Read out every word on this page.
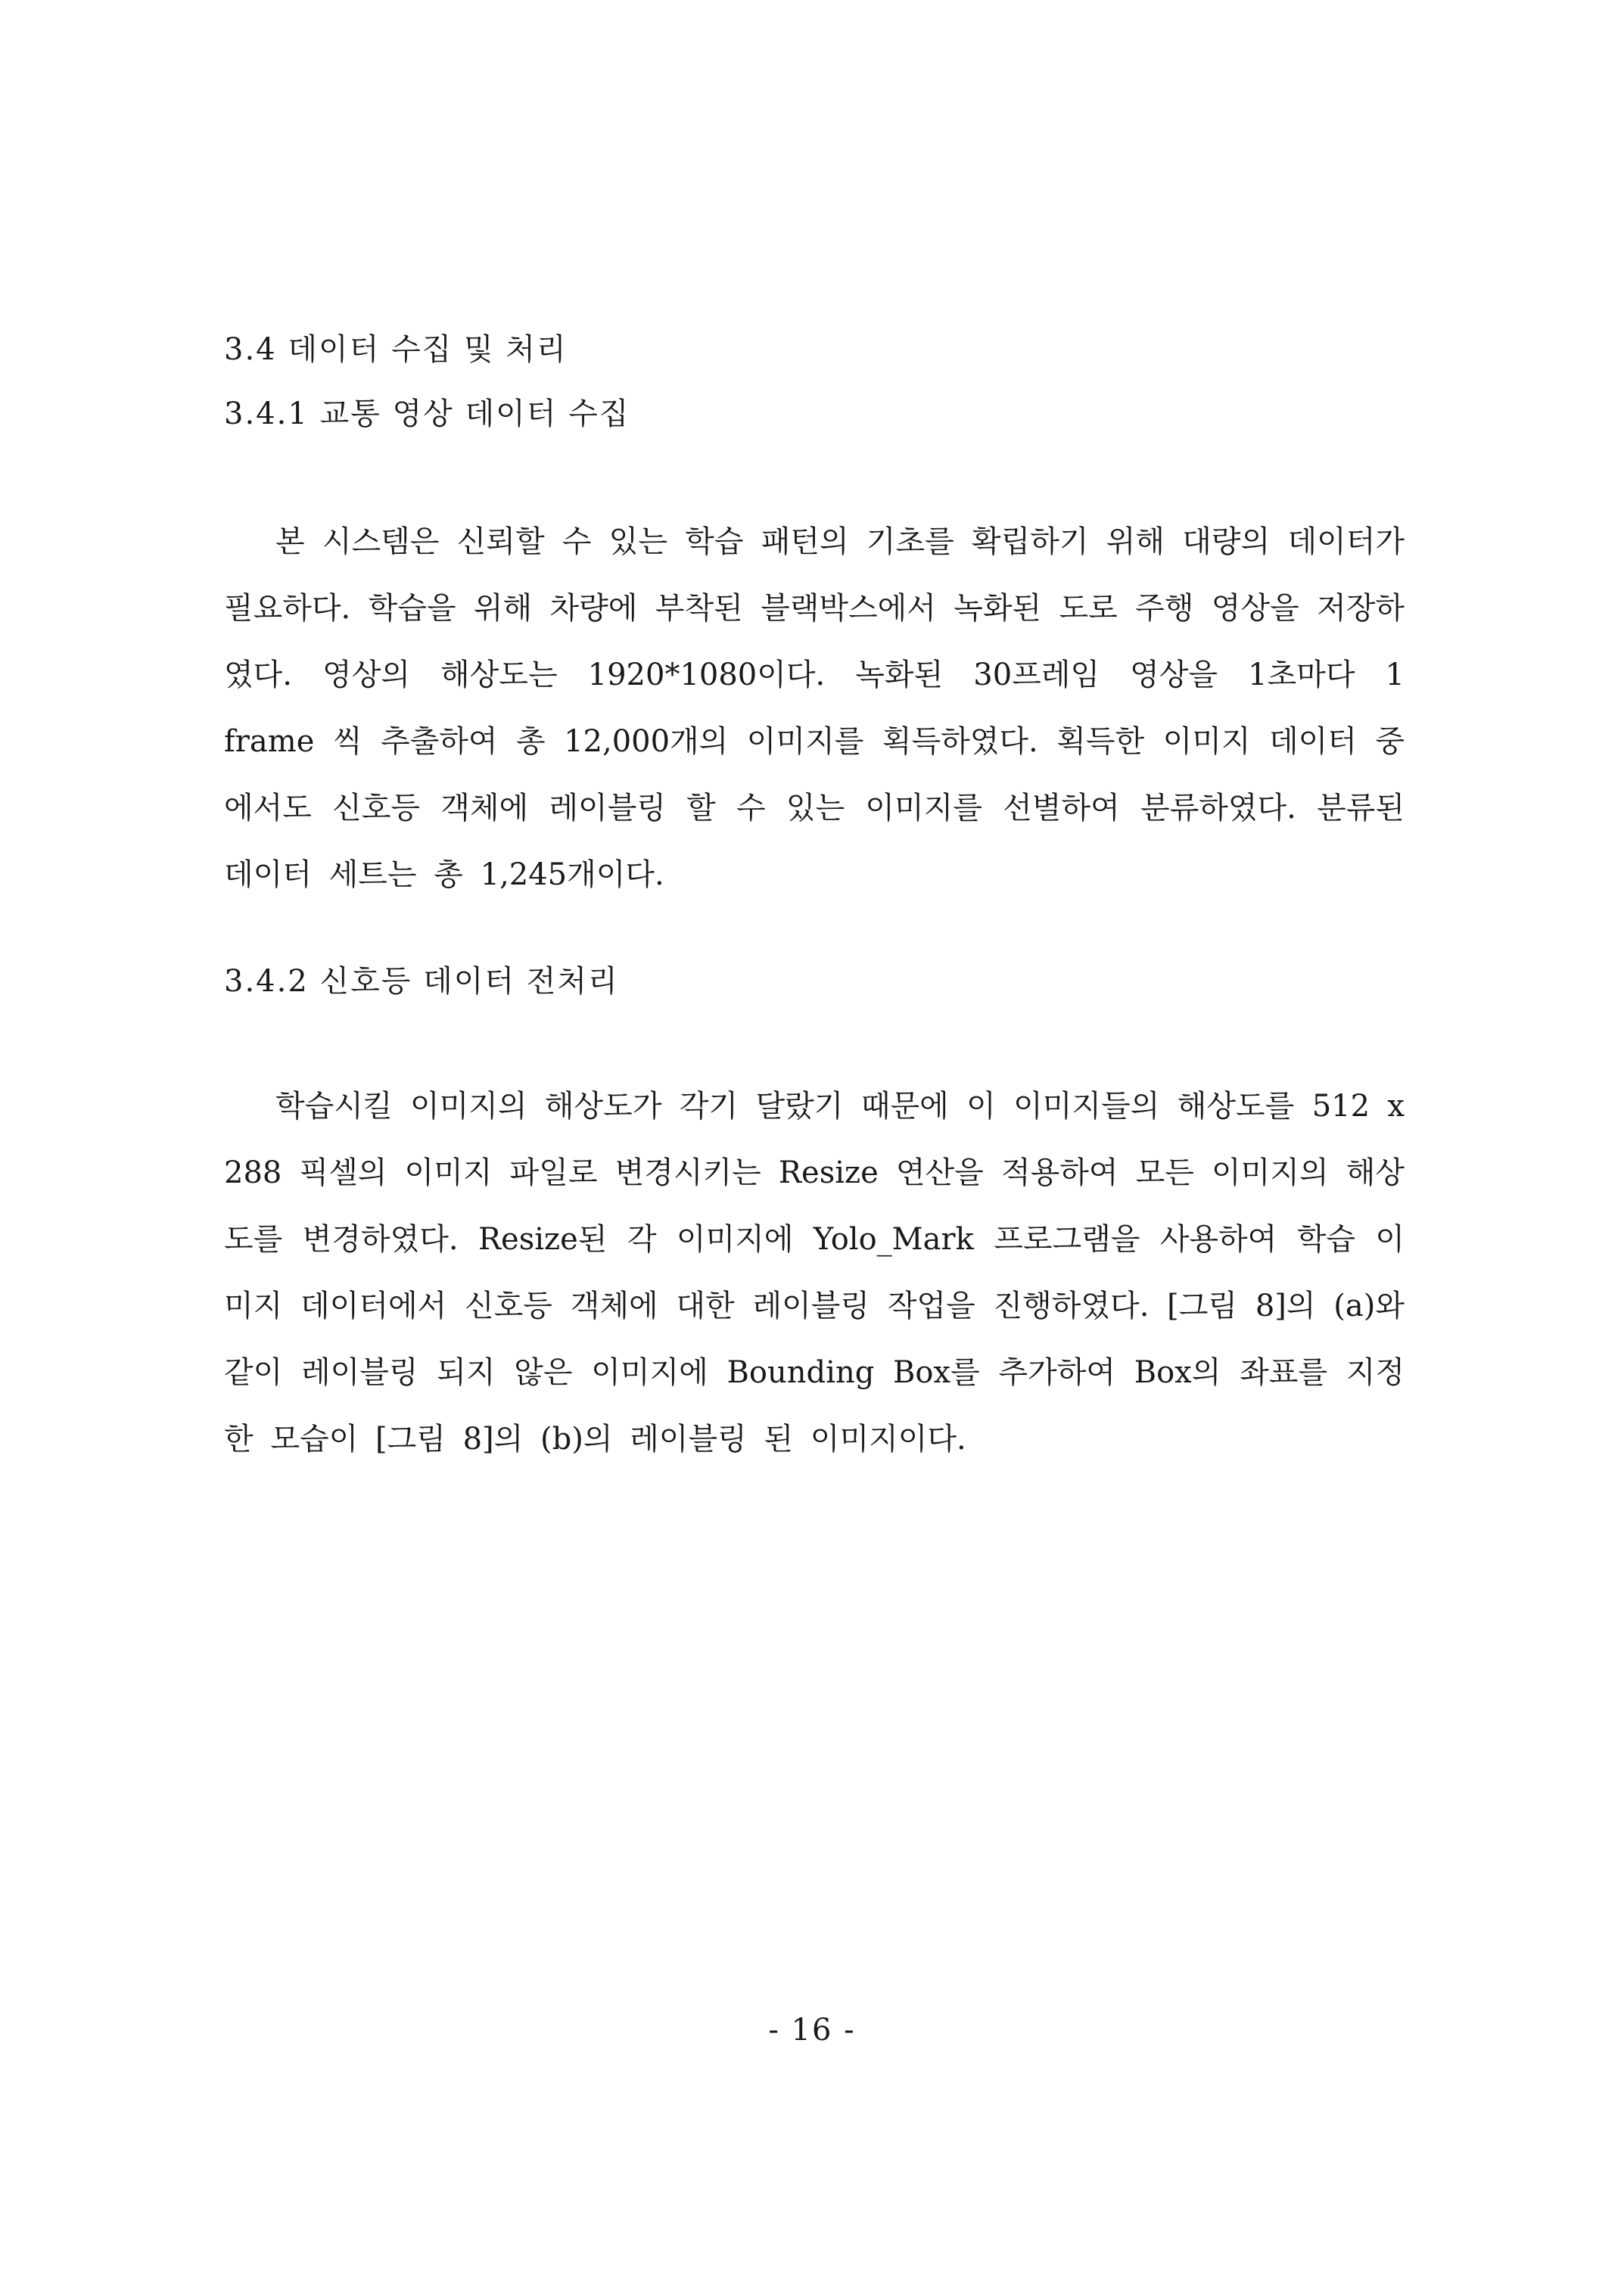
3.4 데이터 수집 및 처리
3.4.1 교통 영상 데이터 수집
본 시스템은 신뢰할 수 있는 학습 패턴의 기초를 확립하기 위해 대량의 데이터가 필요하다. 학습을 위해 차량에 부착된 블랙박스에서 녹화된 도로 주행 영상을 저장하였다. 영상의 해상도는 1920*1080이다. 녹화된 30프레임 영상을 1초마다 1 frame 씩 추출하여 총 12,000개의 이미지를 획득하였다. 획득한 이미지 데이터 중에서도 신호등 객체에 레이블링 할 수 있는 이미지를 선별하여 분류하였다. 분류된 데이터 세트는 총 1,245개이다.
3.4.2 신호등 데이터 전처리
학습시킬 이미지의 해상도가 각기 달랐기 때문에 이 이미지들의 해상도를 512 x 288 픽셀의 이미지 파일로 변경시키는 Resize 연산을 적용하여 모든 이미지의 해상도를 변경하였다. Resize된 각 이미지에 Yolo_Mark 프로그램을 사용하여 학습 이미지 데이터에서 신호등 객체에 대한 레이블링 작업을 진행하였다. [그림 8]의 (a)와 같이 레이블링 되지 않은 이미지에 Bounding Box를 추가하여 Box의 좌표를 지정한 모습이 [그림 8]의 (b)의 레이블링 된 이미지이다.
- 16 -
